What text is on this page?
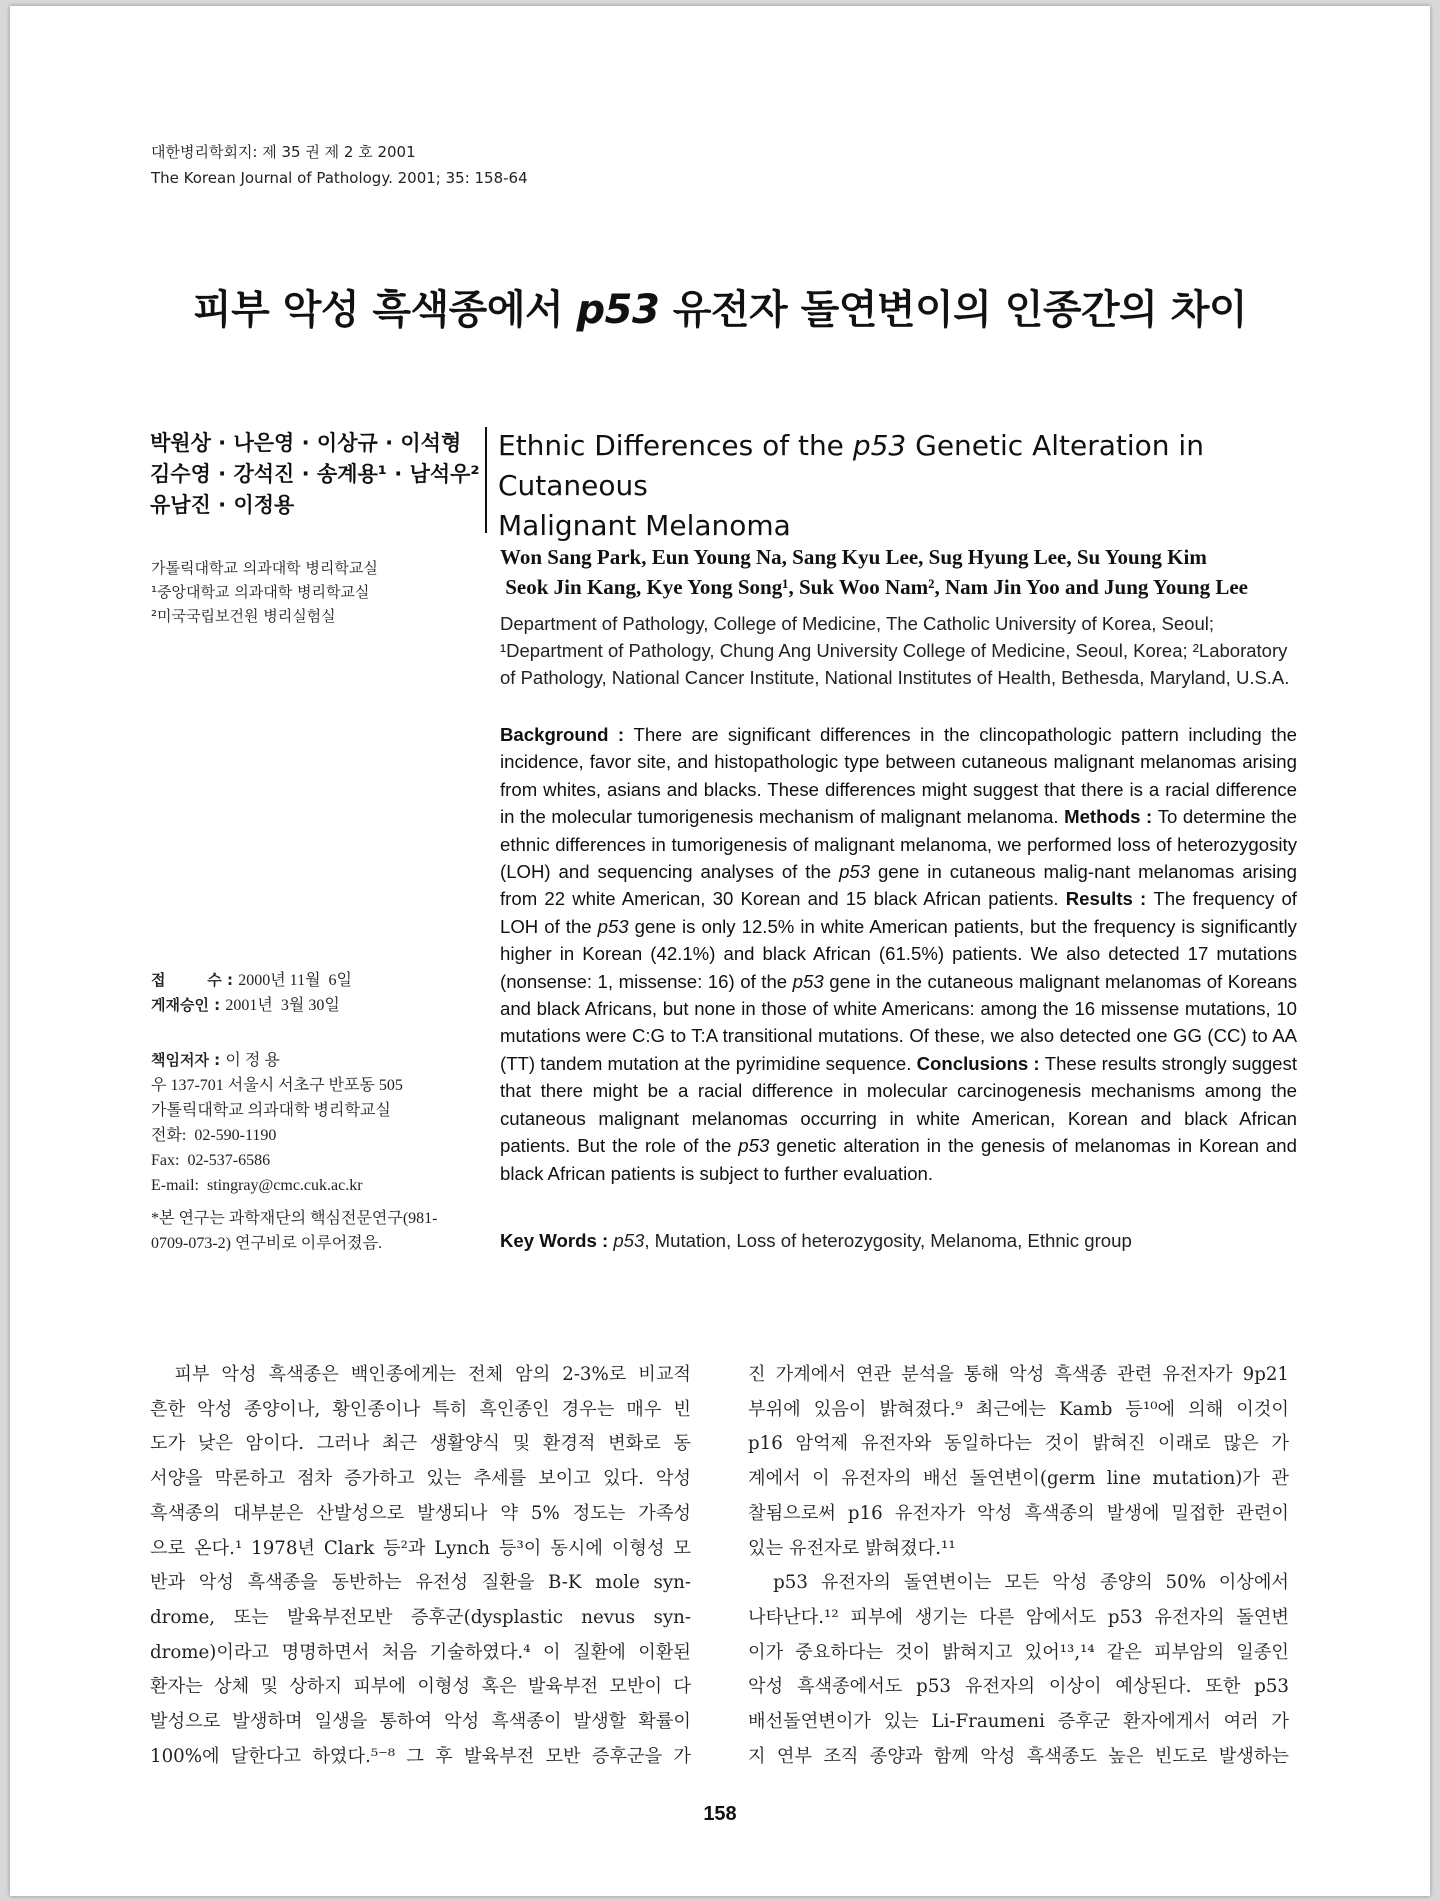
대한병리학회지: 제 35 권 제 2 호 2001
The Korean Journal of Pathology. 2001; 35: 158-64
피부 악성 흑색종에서 p53 유전자 돌연변이의 인종간의 차이
박원상 · 나은영 · 이상규 · 이석형
김수영 · 강석진 · 송계용¹ · 남석우²
유남진 · 이정용
가톨릭대학교 의과대학 병리학교실
¹중앙대학교 의과대학 병리학교실
²미국국립보건원 병리실험실
Ethnic Differences of the p53 Genetic Alteration in Cutaneous
Malignant Melanoma
Won Sang Park, Eun Young Na, Sang Kyu Lee, Sug Hyung Lee, Su Young Kim
Seok Jin Kang, Kye Yong Song¹, Suk Woo Nam², Nam Jin Yoo and Jung Young Lee
Department of Pathology, College of Medicine, The Catholic University of Korea, Seoul;
¹Department of Pathology, Chung Ang University College of Medicine, Seoul, Korea; ²Laboratory
of Pathology, National Cancer Institute, National Institutes of Health, Bethesda, Maryland, U.S.A.
Background : There are significant differences in the clincopathologic pattern including the incidence, favor site, and histopathologic type between cutaneous malignant melanomas arising from whites, asians and blacks. These differences might suggest that there is a racial difference in the molecular tumorigenesis mechanism of malignant melanoma. Methods : To determine the ethnic differences in tumorigenesis of malignant melanoma, we performed loss of heterozygosity (LOH) and sequencing analyses of the p53 gene in cutaneous malig-nant melanomas arising from 22 white American, 30 Korean and 15 black African patients. Results : The frequency of LOH of the p53 gene is only 12.5% in white American patients, but the frequency is significantly higher in Korean (42.1%) and black African (61.5%) patients. We also detected 17 mutations (nonsense: 1, missense: 16) of the p53 gene in the cutaneous malignant melanomas of Koreans and black Africans, but none in those of white Americans: among the 16 missense mutations, 10 mutations were C:G to T:A transitional mutations. Of these, we also detected one GG (CC) to AA (TT) tandem mutation at the pyrimidine sequence. Conclusions : These results strongly suggest that there might be a racial difference in molecular carcinogenesis mechanisms among the cutaneous malignant melanomas occurring in white American, Korean and black African patients. But the role of the p53 genetic alteration in the genesis of melanomas in Korean and black African patients is subject to further evaluation.
Key Words : p53, Mutation, Loss of heterozygosity, Melanoma, Ethnic group
접        수 : 2000년 11월  6일
게재승인 : 2001년  3월 30일
책임저자 : 이 정 용
우 137-701 서울시 서초구 반포동 505
가톨릭대학교 의과대학 병리학교실
전화:  02-590-1190
Fax:  02-537-6586
E-mail:  stingray@cmc.cuk.ac.kr
*본 연구는 과학재단의 핵심전문연구(981-
0709-073-2) 연구비로 이루어졌음.
　피부 악성 흑색종은 백인종에게는 전체 암의 2-3%로 비교적
흔한 악성 종양이나, 황인종이나 특히 흑인종인 경우는 매우 빈
도가 낮은 암이다. 그러나 최근 생활양식 및 환경적 변화로 동
서양을 막론하고 점차 증가하고 있는 추세를 보이고 있다. 악성
흑색종의 대부분은 산발성으로 발생되나 약 5% 정도는 가족성
으로 온다.¹ 1978년 Clark 등²과 Lynch 등³이 동시에 이형성 모
반과 악성 흑색종을 동반하는 유전성 질환을 B-K mole syn-
drome, 또는 발육부전모반 증후군(dysplastic nevus syn-
drome)이라고 명명하면서 처음 기술하였다.⁴ 이 질환에 이환된
환자는 상체 및 상하지 피부에 이형성 혹은 발육부전 모반이 다
발성으로 발생하며 일생을 통하여 악성 흑색종이 발생할 확률이
100%에 달한다고 하였다.⁵⁻⁸ 그 후 발육부전 모반 증후군을 가
진 가계에서 연관 분석을 통해 악성 흑색종 관련 유전자가 9p21
부위에 있음이 밝혀졌다.⁹ 최근에는 Kamb 등¹⁰에 의해 이것이
p16 암억제 유전자와 동일하다는 것이 밝혀진 이래로 많은 가
계에서 이 유전자의 배선 돌연변이(germ line mutation)가 관
찰됨으로써 p16 유전자가 악성 흑색종의 발생에 밀접한 관련이
있는 유전자로 밝혀졌다.¹¹
　p53 유전자의 돌연변이는 모든 악성 종양의 50% 이상에서
나타난다.¹² 피부에 생기는 다른 암에서도 p53 유전자의 돌연변
이가 중요하다는 것이 밝혀지고 있어¹³,¹⁴ 같은 피부암의 일종인
악성 흑색종에서도 p53 유전자의 이상이 예상된다. 또한 p53
배선돌연변이가 있는 Li-Fraumeni 증후군 환자에게서 여러 가
지 연부 조직 종양과 함께 악성 흑색종도 높은 빈도로 발생하는
158
